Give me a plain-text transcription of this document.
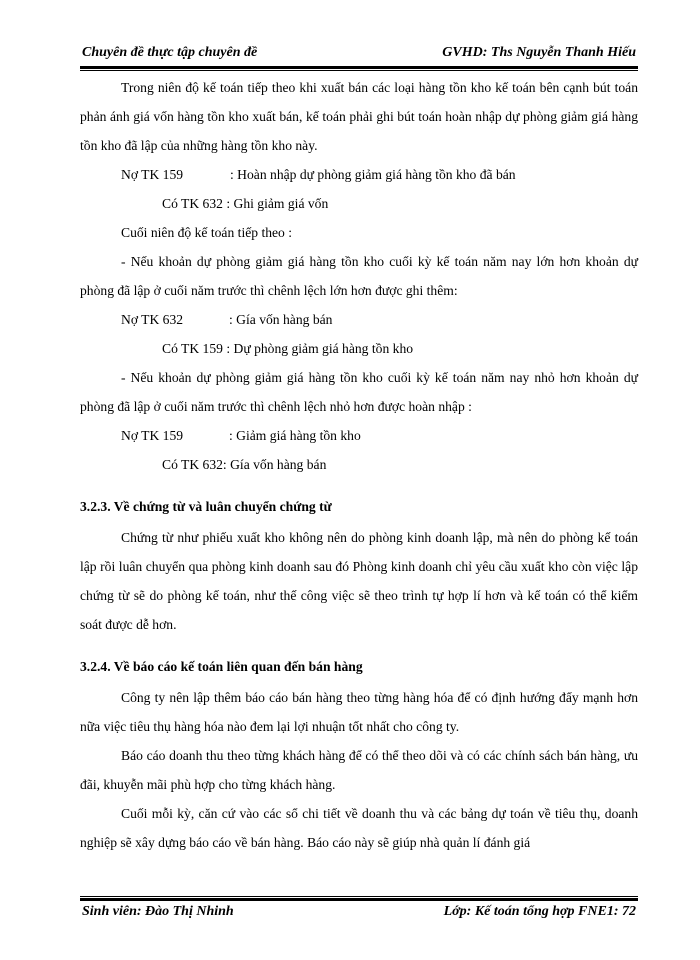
Chuyên đề thực tập chuyên đề	GVHD: Ths Nguyễn Thanh Hiếu

Trong niên độ kế toán tiếp theo khi xuất bán các loại hàng tồn kho kế toán bên cạnh bút toán phản ánh giá vốn hàng tồn kho xuất bán, kế toán phải ghi bút toán hoàn nhập dự phòng giảm giá hàng tồn kho đã lập của những hàng tồn kho này.

Nợ TK 159	: Hoàn nhập dự phòng giảm giá hàng tồn kho đã bán
Có TK 632 : Ghi giảm giá vốn

Cuối niên độ kế toán tiếp theo :

- Nếu khoản dự phòng giảm giá hàng tồn kho cuối kỳ kế toán năm nay lớn hơn khoản dự phòng đã lập ở cuối năm trước thì chênh lệch lớn hơn được ghi thêm:

Nợ TK 632	: Gía vốn hàng bán
Có TK 159 : Dự phòng giảm giá hàng tồn kho

- Nếu khoản dự phòng giảm giá hàng tồn kho cuối kỳ kế toán năm nay nhỏ hơn khoản dự phòng đã lập ở cuối năm trước thì chênh lệch nhỏ hơn được hoàn nhập :

Nợ TK 159	: Giảm giá hàng tồn kho
Có TK 632: Gía vốn hàng bán
3.2.3. Về chứng từ và luân chuyển chứng từ

Chứng từ như phiếu xuất kho không nên do phòng kinh doanh lập, mà nên do phòng kế toán lập rồi luân chuyển qua phòng kinh doanh sau đó Phòng kinh doanh chỉ yêu cầu xuất kho còn việc lập chứng từ sẽ do phòng kế toán, như thế công việc sẽ theo trình tự hợp lí hơn và kế toán có thể kiểm soát được dễ hơn.

3.2.4. Về báo cáo kế toán liên quan đến bán hàng

Công ty nên lập thêm báo cáo bán hàng theo từng hàng hóa để có định hướng đẩy mạnh hơn nữa việc tiêu thụ hàng hóa nào đem lại lợi nhuận tốt nhất cho công ty.

Báo cáo doanh thu theo từng khách hàng để có thể theo dõi và có các chính sách bán hàng, ưu đãi, khuyễn mãi phù hợp cho từng khách hàng.

Cuối mỗi kỳ, căn cứ vào các sổ chi tiết về doanh thu và các bảng dự toán về tiêu thụ, doanh nghiệp sẽ xây dựng báo cáo về bán hàng. Báo cáo này sẽ giúp nhà quản lí đánh giá

Sinh viên: Đào Thị Nhinh	Lớp: Kế toán tổng hợp FNE1: 72
